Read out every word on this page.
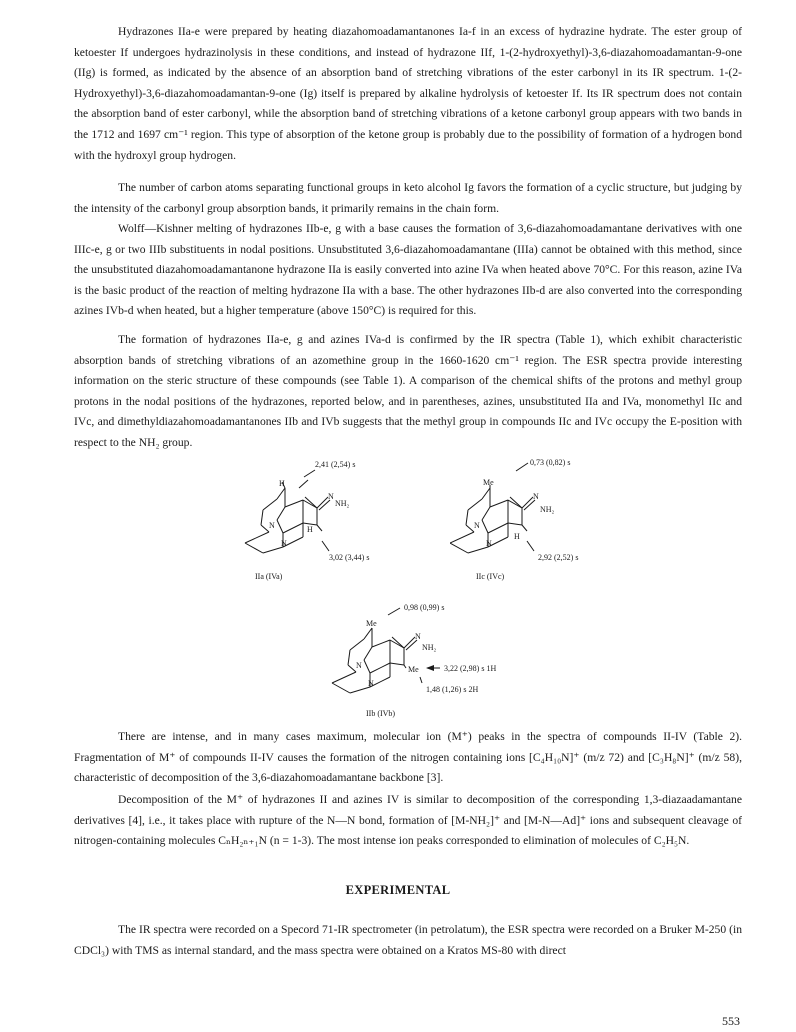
Hydrazones IIa-e were prepared by heating diazahomoadamantanones Ia-f in an excess of hydrazine hydrate. The ester group of ketoester If undergoes hydrazinolysis in these conditions, and instead of hydrazone IIf, 1-(2-hydroxyethyl)-3,6-diazahomoadamantan-9-one (IIg) is formed, as indicated by the absence of an absorption band of stretching vibrations of the ester carbonyl in its IR spectrum. 1-(2-Hydroxyethyl)-3,6-diazahomoadamantan-9-one (Ig) itself is prepared by alkaline hydrolysis of ketoester If. Its IR spectrum does not contain the absorption band of ester carbonyl, while the absorption band of stretching vibrations of a ketone carbonyl group appears with two bands in the 1712 and 1697 cm⁻¹ region. This type of absorption of the ketone group is probably due to the possibility of formation of a hydrogen bond with the hydroxyl group hydrogen.

The number of carbon atoms separating functional groups in keto alcohol Ig favors the formation of a cyclic structure, but judging by the intensity of the carbonyl group absorption bands, it primarily remains in the chain form.

Wolff—Kishner melting of hydrazones IIb-e, g with a base causes the formation of 3,6-diazahomoadamantane derivatives with one IIIc-e, g or two IIIb substituents in nodal positions. Unsubstituted 3,6-diazahomoadamantane (IIIa) cannot be obtained with this method, since the unsubstituted diazahomoadamantanone hydrazone IIa is easily converted into azine IVa when heated above 70°C. For this reason, azine IVa is the basic product of the reaction of melting hydrazone IIa with a base. The other hydrazones IIb-d are also converted into the corresponding azines IVb-d when heated, but a higher temperature (above 150°C) is required for this.

The formation of hydrazones IIa-e, g and azines IVa-d is confirmed by the IR spectra (Table 1), which exhibit characteristic absorption bands of stretching vibrations of an azomethine group in the 1660-1620 cm⁻¹ region. The ESR spectra provide interesting information on the steric structure of these compounds (see Table 1). A comparison of the chemical shifts of the protons and methyl group protons in the nodal positions of the hydrazones, reported below, and in parentheses, azines, unsubstituted IIa and IVa, monomethyl IIc and IVc, and dimethyldiazahomoadamantanones IIb and IVb suggests that the methyl group in compounds IIc and IVc occupy the E-position with respect to the NH₂ group.

2,41 (2,54) s
H
N
NH₂
H
N
N
3,02 (3,44) s
IIa (IVa)
0,73 (0,82) s
Me
N
NH₂
H
N
N
2,92 (2,52) s
IIc (IVc)
0,98 (0,99) s
Me
N
NH₂
Me	3,22 (2,98) s 1H
1,48 (1,26) s 2H
N
N
IIb (IVb)

There are intense, and in many cases maximum, molecular ion (M⁺) peaks in the spectra of compounds II-IV (Table 2). Fragmentation of M⁺ of compounds II-IV causes the formation of the nitrogen containing ions [C₄H₁₀N]⁺ (m/z 72) and [C₃H₈N]⁺ (m/z 58), characteristic of decomposition of the 3,6-diazahomoadamantane backbone [3].

Decomposition of the M⁺ of hydrazones II and azines IV is similar to decomposition of the corresponding 1,3-diazaadamantane derivatives [4], i.e., it takes place with rupture of the N—N bond, formation of [M-NH₂]⁺ and [M-N—Ad]⁺ ions and subsequent cleavage of nitrogen-containing molecules CₙH₂ₙ₊₁N (n = 1-3). The most intense ion peaks corresponded to elimination of molecules of C₂H₅N.

EXPERIMENTAL

The IR spectra were recorded on a Specord 71-IR spectrometer (in petrolatum), the ESR spectra were recorded on a Bruker M-250 (in CDCl₃) with TMS as internal standard, and the mass spectra were obtained on a Kratos MS-80 with direct

553
